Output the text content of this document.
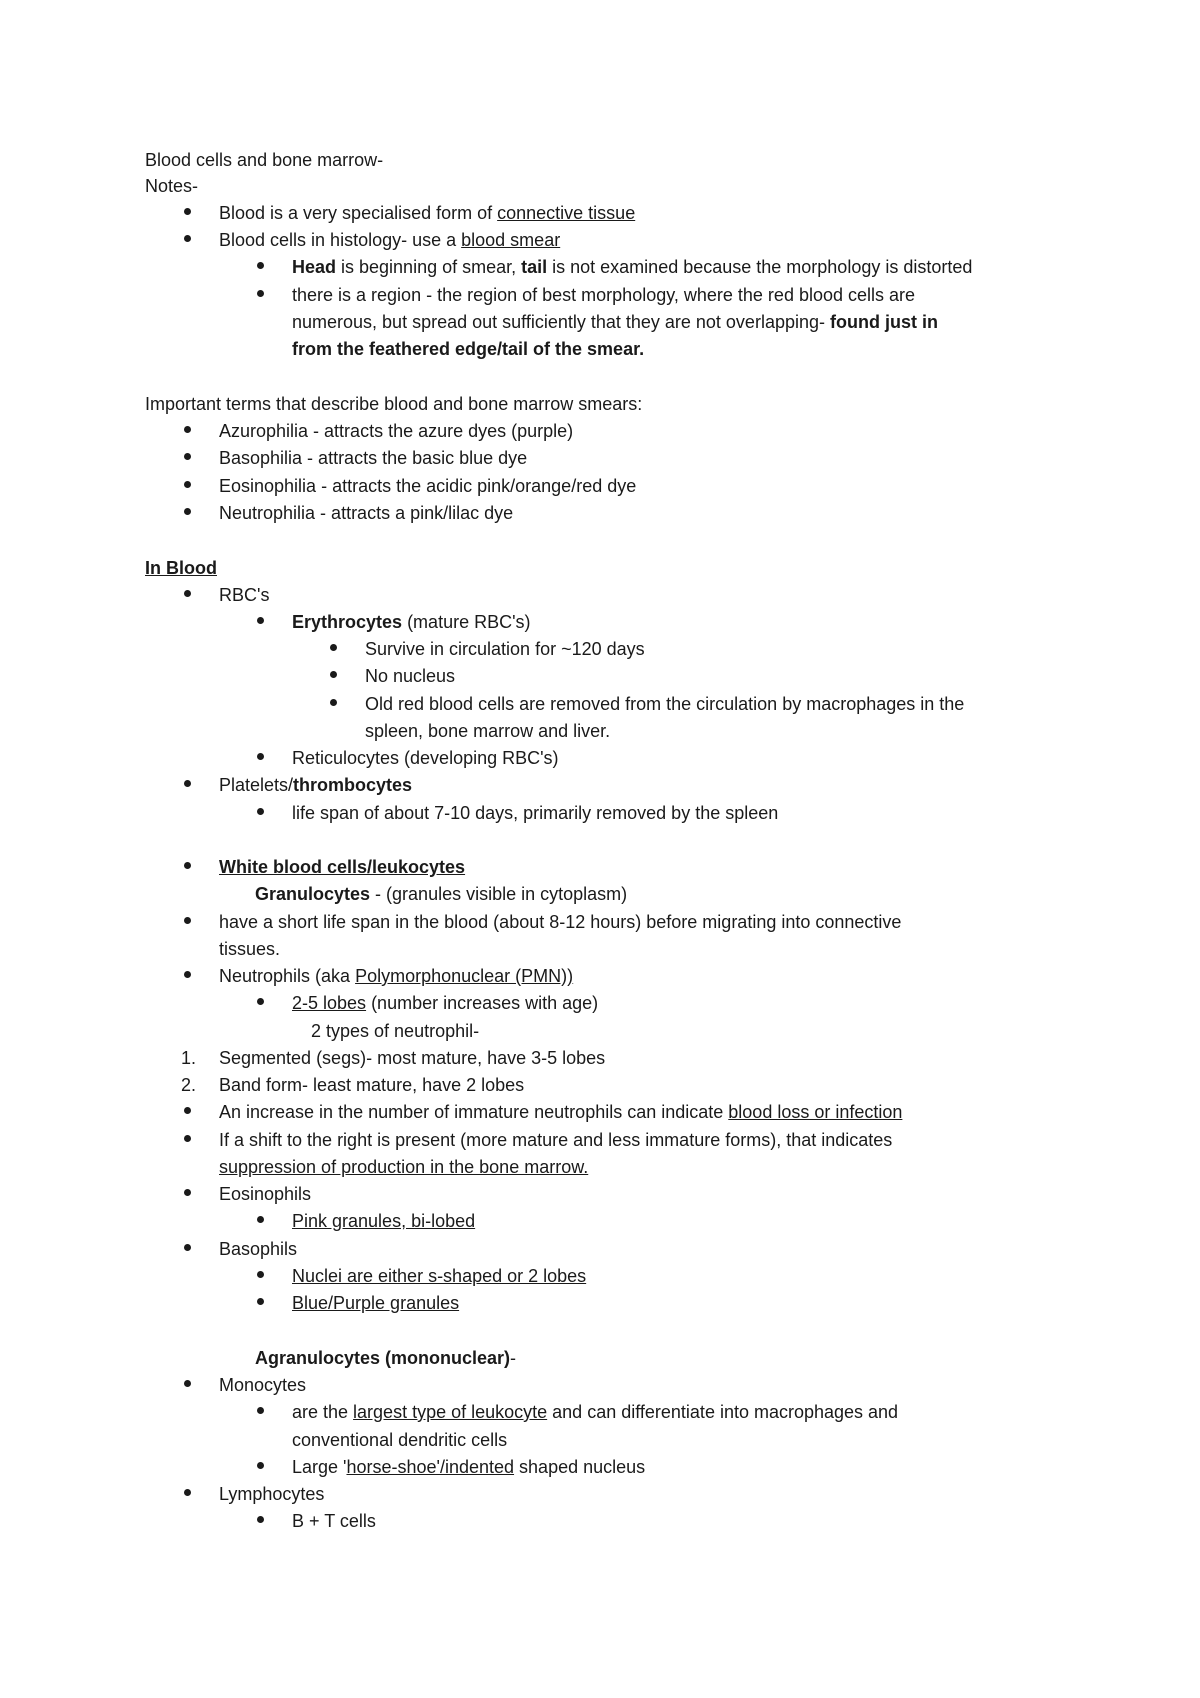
Blood cells and bone marrow-
Notes-
Blood is a very specialised form of connective tissue
Blood cells in histology- use a blood smear
Head is beginning of smear, tail is not examined because the morphology is distorted
there is a region - the region of best morphology, where the red blood cells are
numerous, but spread out sufficiently that they are not overlapping- found just in
from the feathered edge/tail of the smear.
Important terms that describe blood and bone marrow smears:
Azurophilia - attracts the azure dyes (purple)
Basophilia - attracts the basic blue dye
Eosinophilia - attracts the acidic pink/orange/red dye
Neutrophilia - attracts a pink/lilac dye
In Blood
RBC's
Erythrocytes (mature RBC's)
Survive in circulation for ~120 days
No nucleus
Old red blood cells are removed from the circulation by macrophages in the
spleen, bone marrow and liver.
Reticulocytes (developing RBC's)
Platelets/thrombocytes
life span of about 7-10 days, primarily removed by the spleen
White blood cells/leukocytes
Granulocytes - (granules visible in cytoplasm)
have a short life span in the blood (about 8-12 hours) before migrating into connective
tissues.
Neutrophils (aka Polymorphonuclear (PMN))
2-5 lobes (number increases with age)
2 types of neutrophil-
1.	Segmented (segs)- most mature, have 3-5 lobes
2.	Band form- least mature, have 2 lobes
An increase in the number of immature neutrophils can indicate blood loss or infection
If a shift to the right is present (more mature and less immature forms), that indicates
suppression of production in the bone marrow.
Eosinophils
Pink granules, bi-lobed
Basophils
Nuclei are either s-shaped or 2 lobes
Blue/Purple granules
Agranulocytes (mononuclear)-
Monocytes
are the largest type of leukocyte and can differentiate into macrophages and
conventional dendritic cells
Large 'horse-shoe'/indented shaped nucleus
Lymphocytes
B + T cells
